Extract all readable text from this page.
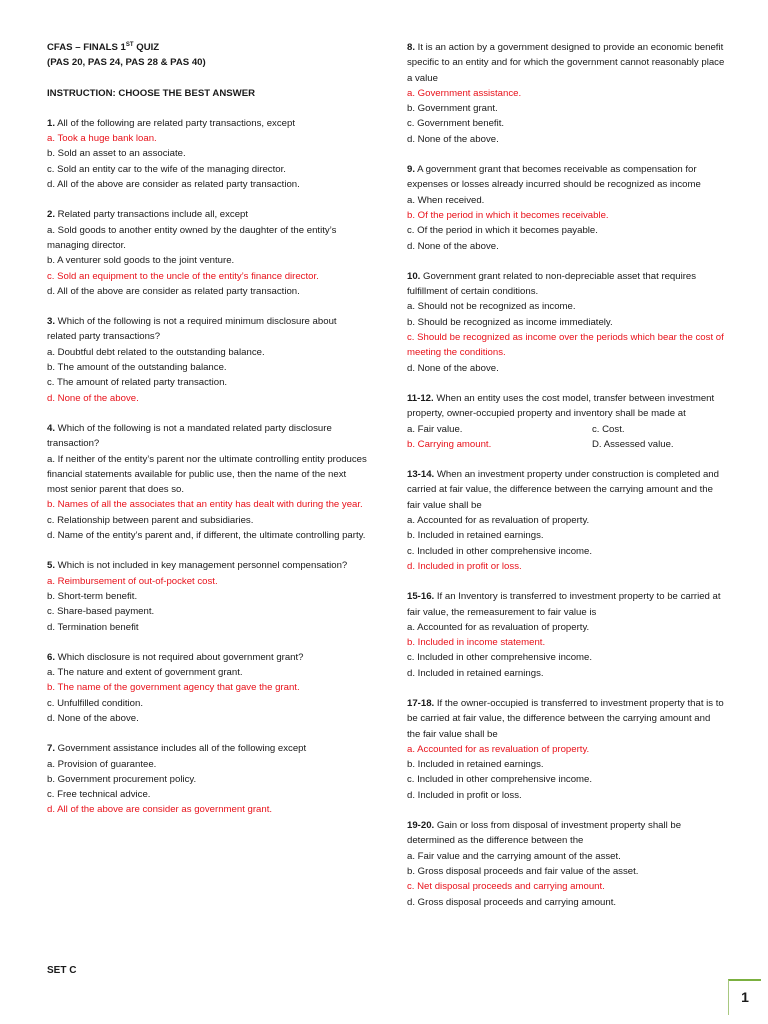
CFAS – FINALS 1ST QUIZ
(PAS 20, PAS 24, PAS 28 & PAS 40)
INSTRUCTION: CHOOSE THE BEST ANSWER
1. All of the following are related party transactions, except
a. Took a huge bank loan.
b. Sold an asset to an associate.
c. Sold an entity car to the wife of the managing director.
d. All of the above are consider as related party transaction.
2. Related party transactions include all, except
a. Sold goods to another entity owned by the daughter of the entity’s managing director.
b. A venturer sold goods to the joint venture.
c. Sold an equipment to the uncle of the entity’s finance director.
d. All of the above are consider as related party transaction.
3. Which of the following is not a required minimum disclosure about related party transactions?
a. Doubtful debt related to the outstanding balance.
b. The amount of the outstanding balance.
c. The amount of related party transaction.
d. None of the above.
4. Which of the following is not a mandated related party disclosure transaction?
a. If neither of the entity’s parent nor the ultimate controlling entity produces financial statements available for public use, then the name of the next most senior parent that does so.
b. Names of all the associates that an entity has dealt with during the year.
c. Relationship between parent and subsidiaries.
d. Name of the entity’s parent and, if different, the ultimate controlling party.
5. Which is not included in key management personnel compensation?
a. Reimbursement of out-of-pocket cost.
b. Short-term benefit.
c. Share-based payment.
d. Termination benefit
6. Which disclosure is not required about government grant?
a. The nature and extent of government grant.
b. The name of the government agency that gave the grant.
c. Unfulfilled condition.
d. None of the above.
7. Government assistance includes all of the following except
a. Provision of guarantee.
b. Government procurement policy.
c. Free technical advice.
d. All of the above are consider as government grant.
8. It is an action by a government designed to provide an economic benefit specific to an entity and for which the government cannot reasonably place a value
a. Government assistance.
b. Government grant.
c. Government benefit.
d. None of the above.
9. A government grant that becomes receivable as compensation for expenses or losses already incurred should be recognized as income
a. When received.
b. Of the period in which it becomes receivable.
c. Of the period in which it becomes payable.
d. None of the above.
10. Government grant related to non-depreciable asset that requires fulfillment of certain conditions.
a. Should not be recognized as income.
b. Should be recognized as income immediately.
c. Should be recognized as income over the periods which bear the cost of meeting the conditions.
d. None of the above.
11-12. When an entity uses the cost model, transfer between investment property, owner-occupied property and inventory shall be made at
a. Fair value.	c. Cost.
b. Carrying amount.	D. Assessed value.
13-14. When an investment property under construction is completed and carried at fair value, the difference between the carrying amount and the fair value shall be
a. Accounted for as revaluation of property.
b. Included in retained earnings.
c. Included in other comprehensive income.
d. Included in profit or loss.
15-16. If an Inventory is transferred to investment property to be carried at fair value, the remeasurement to fair value is
a. Accounted for as revaluation of property.
b. Included in income statement.
c. Included in other comprehensive income.
d. Included in retained earnings.
17-18. If the owner-occupied is transferred to investment property that is to be carried at fair value, the difference between the carrying amount and the fair value shall be
a. Accounted for as revaluation of property.
b. Included in retained earnings.
c. Included in other comprehensive income.
d. Included in profit or loss.
19-20. Gain or loss from disposal of investment property shall be determined as the difference between the
a. Fair value and the carrying amount of the asset.
b. Gross disposal proceeds and fair value of the asset.
c. Net disposal proceeds and carrying amount.
d. Gross disposal proceeds and carrying amount.
SET C
1
